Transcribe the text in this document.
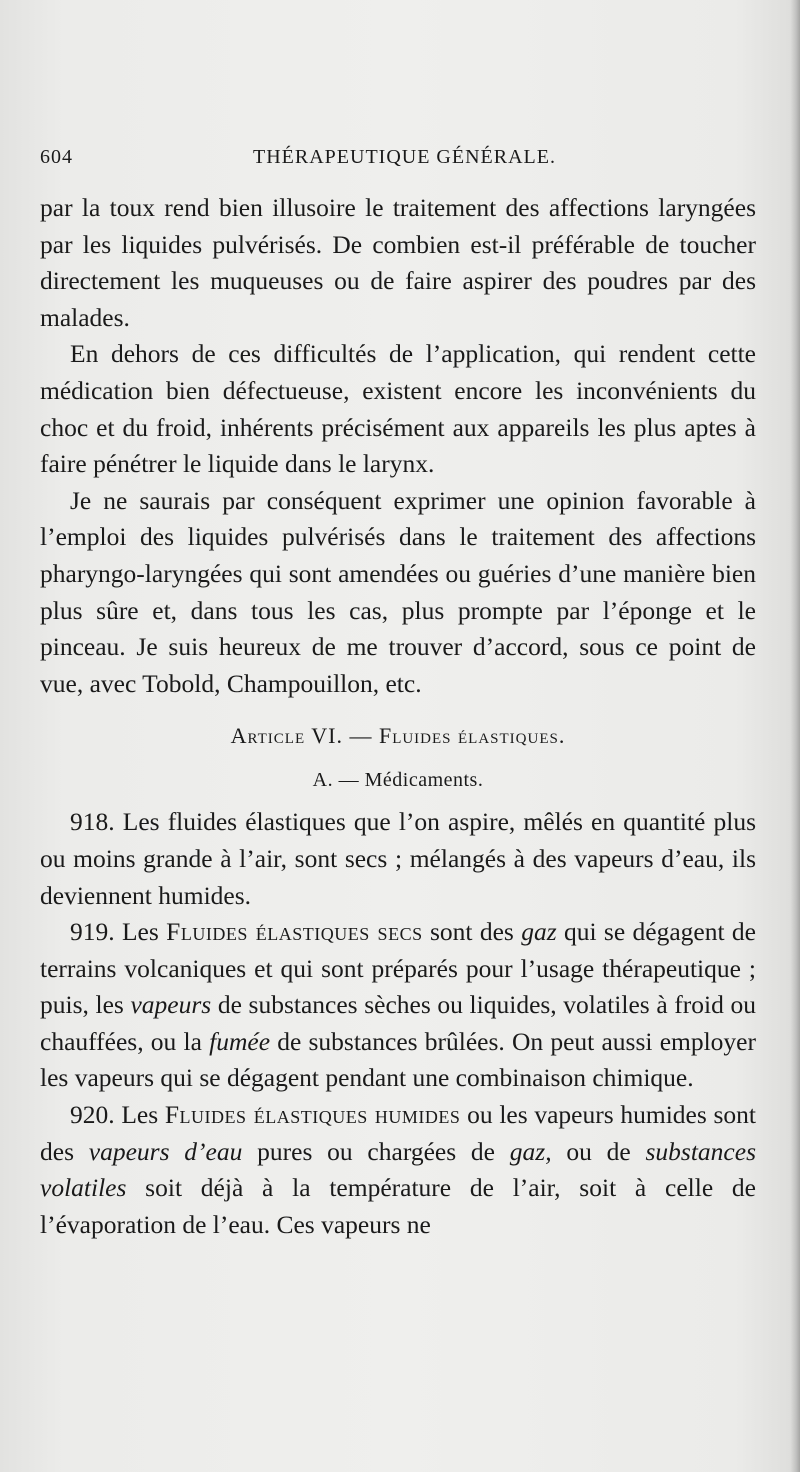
604	THÉRAPEUTIQUE GÉNÉRALE.

par la toux rend bien illusoire le traitement des affections laryngées par les liquides pulvérisés. De combien est-il préférable de toucher directement les muqueuses ou de faire aspirer des poudres par des malades.

En dehors de ces difficultés de l’application, qui rendent cette médication bien défectueuse, existent encore les inconvénients du choc et du froid, inhérents précisément aux appareils les plus aptes à faire pénétrer le liquide dans le larynx.

Je ne saurais par conséquent exprimer une opinion favorable à l’emploi des liquides pulvérisés dans le traitement des affections pharyngo-laryngées qui sont amendées ou guéries d’une manière bien plus sûre et, dans tous les cas, plus prompte par l’éponge et le pinceau. Je suis heureux de me trouver d’accord, sous ce point de vue, avec Tobold, Champouillon, etc.

Article VI. — Fluides élastiques.
A. — Médicaments.

918. Les fluides élastiques que l’on aspire, mêlés en quantité plus ou moins grande à l’air, sont secs ; mélangés à des vapeurs d’eau, ils deviennent humides.

919. Les Fluides élastiques secs sont des gaz qui se dégagent de terrains volcaniques et qui sont préparés pour l’usage thérapeutique ; puis, les vapeurs de substances sèches ou liquides, volatiles à froid ou chauffées, ou la fumée de substances brûlées. On peut aussi employer les vapeurs qui se dégagent pendant une combinaison chimique.

920. Les Fluides élastiques humides ou les vapeurs humides sont des vapeurs d’eau pures ou chargées de gaz, ou de substances volatiles soit déjà à la température de l’air, soit à celle de l’évaporation de l’eau. Ces vapeurs ne
